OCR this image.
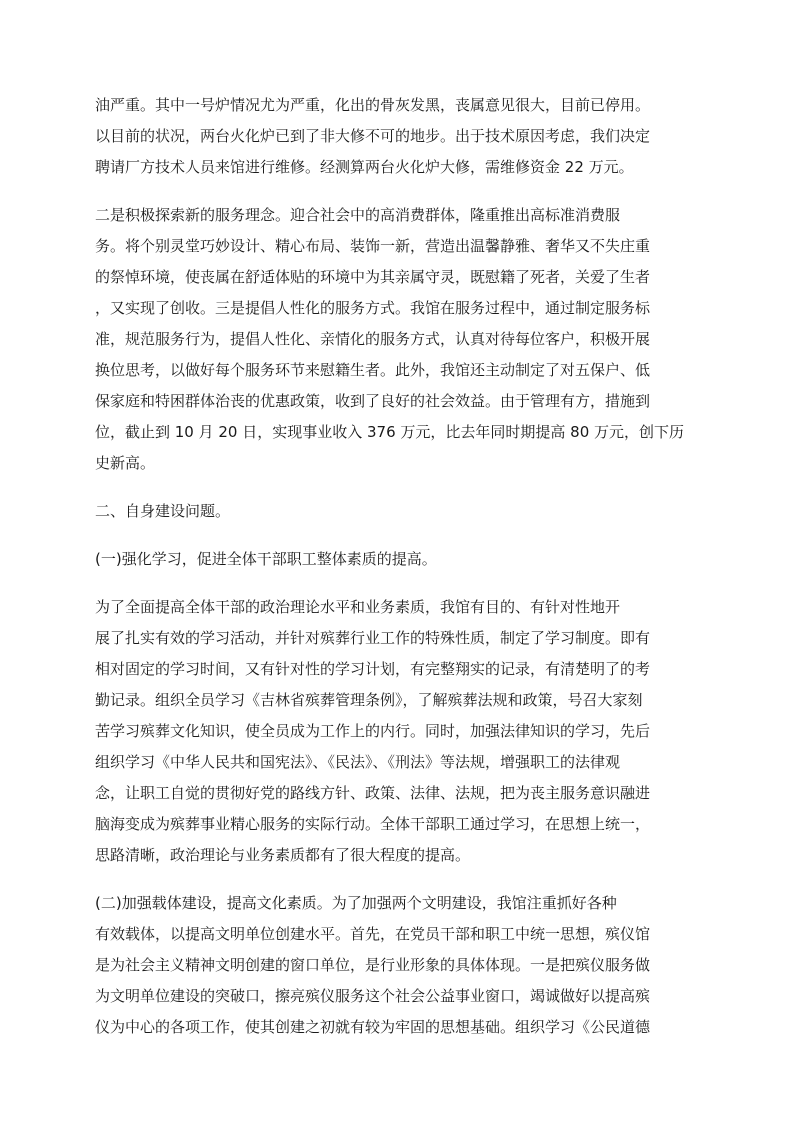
油严重。其中一号炉情况尤为严重，化出的骨灰发黑，丧属意见很大，目前已停用。
以目前的状况，两台火化炉已到了非大修不可的地步。出于技术原因考虑，我们决定
聘请厂方技术人员来馆进行维修。经测算两台火化炉大修，需维修资金 22 万元。
二是积极探索新的服务理念。迎合社会中的高消费群体，隆重推出高标准消费服
务。将个别灵堂巧妙设计、精心布局、装饰一新，营造出温馨静雅、奢华又不失庄重
的祭悼环境，使丧属在舒适体贴的环境中为其亲属守灵，既慰籍了死者，关爱了生者
，又实现了创收。三是提倡人性化的服务方式。我馆在服务过程中，通过制定服务标
准，规范服务行为，提倡人性化、亲情化的服务方式，认真对待每位客户，积极开展
换位思考，以做好每个服务环节来慰籍生者。此外，我馆还主动制定了对五保户、低
保家庭和特困群体治丧的优惠政策，收到了良好的社会效益。由于管理有方，措施到
位，截止到 10 月 20 日，实现事业收入 376 万元，比去年同时期提高 80 万元，创下历
史新高。
二、自身建设问题。
(一)强化学习，促进全体干部职工整体素质的提高。
为了全面提高全体干部的政治理论水平和业务素质，我馆有目的、有针对性地开
展了扎实有效的学习活动，并针对殡葬行业工作的特殊性质，制定了学习制度。即有
相对固定的学习时间，又有针对性的学习计划，有完整翔实的记录，有清楚明了的考
勤记录。组织全员学习《吉林省殡葬管理条例》，了解殡葬法规和政策，号召大家刻
苦学习殡葬文化知识，使全员成为工作上的内行。同时，加强法律知识的学习，先后
组织学习《中华人民共和国宪法》、《民法》、《刑法》等法规，增强职工的法律观
念，让职工自觉的贯彻好党的路线方针、政策、法律、法规，把为丧主服务意识融进
脑海变成为殡葬事业精心服务的实际行动。全体干部职工通过学习，在思想上统一，
思路清晰，政治理论与业务素质都有了很大程度的提高。
(二)加强载体建设，提高文化素质。为了加强两个文明建设，我馆注重抓好各种
有效载体，以提高文明单位创建水平。首先，在党员干部和职工中统一思想，殡仪馆
是为社会主义精神文明创建的窗口单位，是行业形象的具体体现。一是把殡仪服务做
为文明单位建设的突破口，擦亮殡仪服务这个社会公益事业窗口，竭诚做好以提高殡
仪为中心的各项工作，使其创建之初就有较为牢固的思想基础。组织学习《公民道德
